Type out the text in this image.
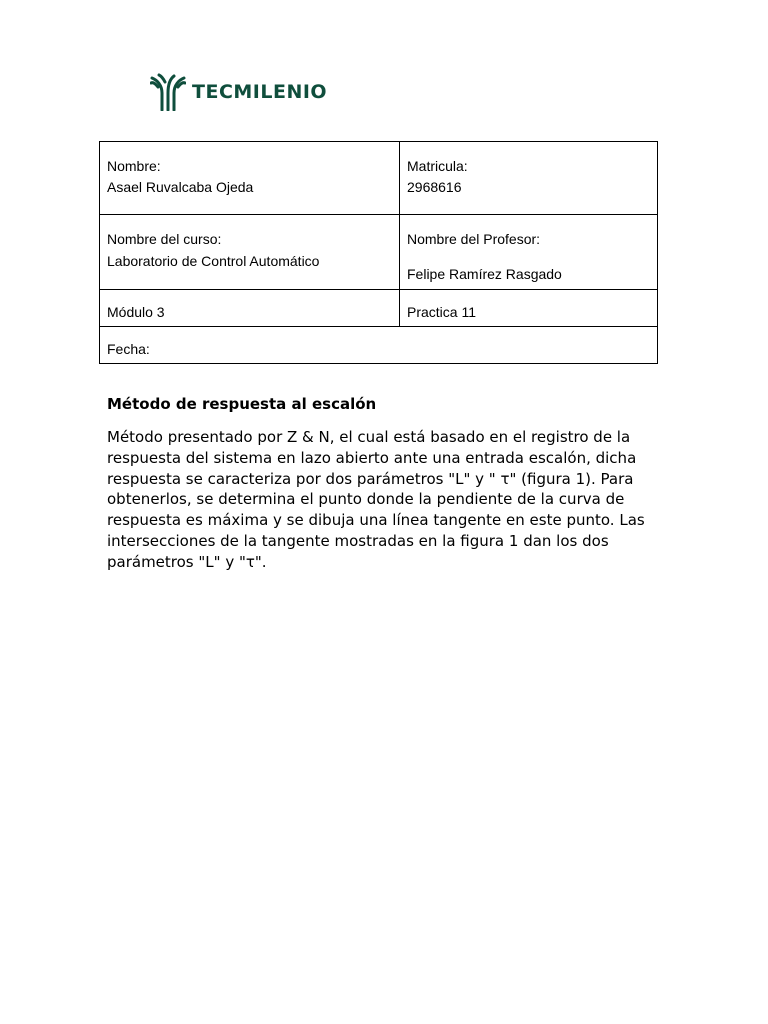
TECMILENIO
Nombre:
Asael Ruvalcaba Ojeda	Matricula:
2968616

Nombre del curso:
Laboratorio de Control Automático	Nombre del Profesor:
Felipe Ramírez Rasgado

Módulo 3	Practica 11

Fecha:	
Método de respuesta al escalón

Método presentado por Z & N, el cual está basado en el registro de la respuesta del sistema en lazo abierto ante una entrada escalón, dicha respuesta se caracteriza por dos parámetros "L" y " τ" (figura 1). Para obtenerlos, se determina el punto donde la pendiente de la curva de respuesta es máxima y se dibuja una línea tangente en este punto. Las intersecciones de la tangente mostradas en la figura 1 dan los dos parámetros "L" y "τ".
